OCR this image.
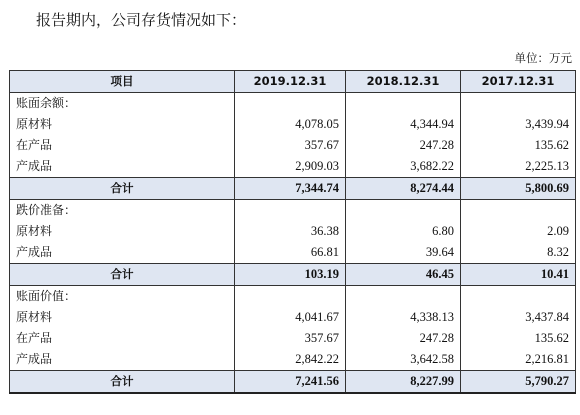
报告期内，公司存货情况如下：
单位：万元
项目	2019.12.31	2018.12.31	2017.12.31
账面余额：			
原材料	4,078.05	4,344.94	3,439.94
在产品	357.67	247.28	135.62
产成品	2,909.03	3,682.22	2,225.13
合计	7,344.74	8,274.44	5,800.69
跌价准备：			
原材料	36.38	6.80	2.09
产成品	66.81	39.64	8.32
合计	103.19	46.45	10.41
账面价值：			
原材料	4,041.67	4,338.13	3,437.84
在产品	357.67	247.28	135.62
产成品	2,842.22	3,642.58	2,216.81
合计	7,241.56	8,227.99	5,790.27
